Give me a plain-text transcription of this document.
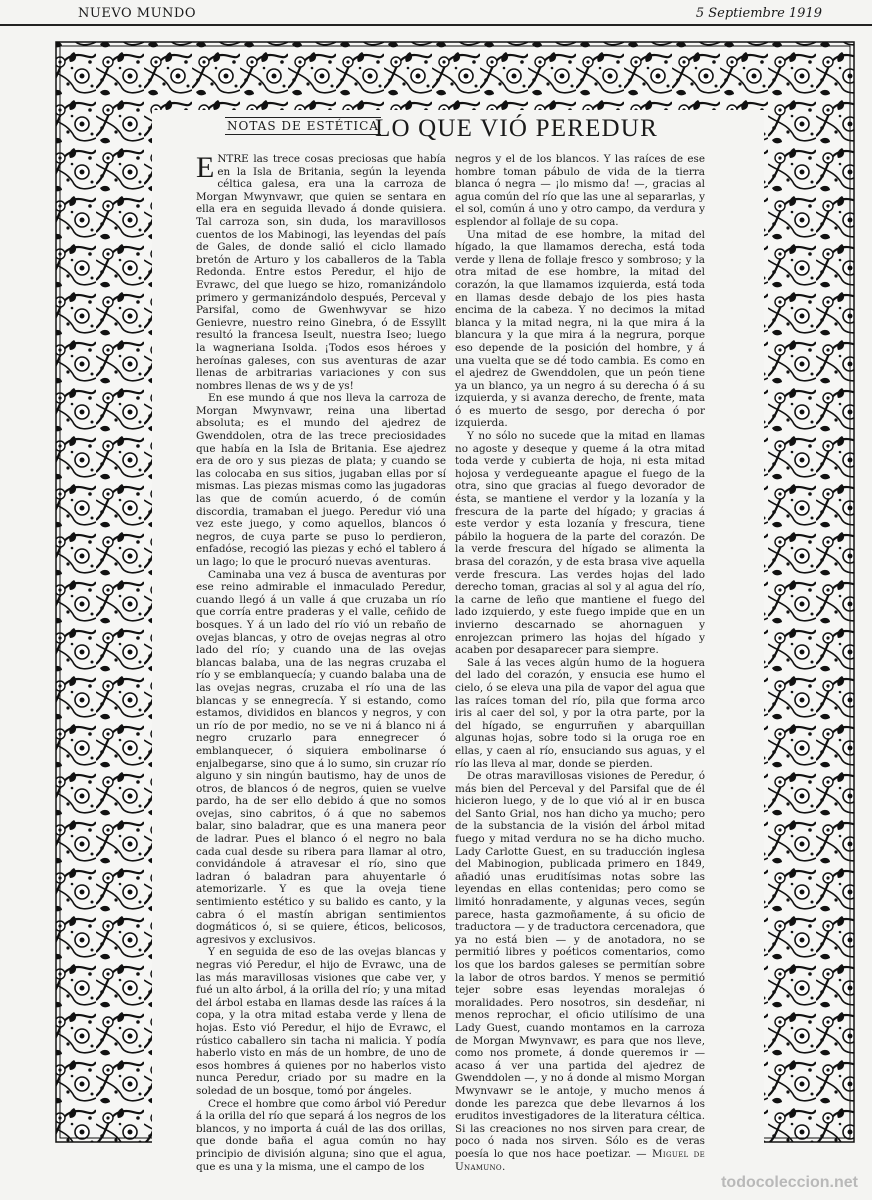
NUEVO MUNDO	5 Septiembre 1919
NOTAS DE ESTÉTICA
LO QUE VIÓ PEREDUR

ENTRE las trece cosas preciosas que había en la Isla de Britania, según la leyenda céltica galesa, era una la carroza de Morgan Mwynvawr, que quien se sentara en ella era en seguida llevado á donde quisiera. Tal carroza son, sin duda, los maravillosos cuentos de los Mabinogi, las leyendas del país de Gales, de donde salió el ciclo llamado bretón de Arturo y los caballeros de la Tabla Redonda. Entre estos Peredur, el hijo de Evrawc, del que luego se hizo, romanizándolo primero y germanizándolo después, Perceval y Parsifal, como de Gwenhwyvar se hizo Genievre, nuestro reino Ginebra, ó de Essyllt resultó la francesa Iseult, nuestra Iseo; luego la wagneriana Isolda. ¡Todos esos héroes y heroínas galeses, con sus aventuras de azar llenas de arbitrarias variaciones y con sus nombres llenas de ws y de ys!

En ese mundo á que nos lleva la carroza de Morgan Mwynvawr, reina una libertad absoluta; es el mundo del ajedrez de Gwenddolen, otra de las trece preciosidades que había en la Isla de Britania. Ese ajedrez era de oro y sus piezas de plata; y cuando se las colocaba en sus sitios, jugaban ellas por sí mismas. Las piezas mismas como las jugadoras las que de común acuerdo, ó de común discordia, tramaban el juego. Peredur vió una vez este juego, y como aquellos, blancos ó negros, de cuya parte se puso lo perdieron, enfadóse, recogió las piezas y echó el tablero á un lago; lo que le procuró nuevas aventuras.

Caminaba una vez á busca de aventuras por ese reino admirable el inmaculado Peredur, cuando llegó á un valle á que cruzaba un río que corría entre praderas y el valle, ceñido de bosques. Y á un lado del río vió un rebaño de ovejas blancas, y otro de ovejas negras al otro lado del río; y cuando una de las ovejas blancas balaba, una de las negras cruzaba el río y se emblanquecía; y cuando balaba una de las ovejas negras, cruzaba el río una de las blancas y se ennegrecía. Y si estando, como estamos, divididos en blancos y negros, y con un río de por medio, no se ve ni á blanco ni á negro cruzarlo para ennegrecer ó emblanquecer, ó siquiera embolinarse ó enjalbegarse, sino que á lo sumo, sin cruzar río alguno y sin ningún bautismo, hay de unos de otros, de blancos ó de negros, quien se vuelve pardo, ha de ser ello debido á que no somos ovejas, sino cabritos, ó á que no sabemos balar, sino baladrar, que es una manera peor de ladrar. Pues el blanco ó el negro no bala cada cual desde su ribera para llamar al otro, convidándole á atravesar el río, sino que ladran ó baladran para ahuyentarle ó atemorizarle. Y es que la oveja tiene sentimiento estético y su balido es canto, y la cabra ó el mastín abrigan sentimientos dogmáticos ó, si se quiere, éticos, belicosos, agresivos y exclusivos.

Y en seguida de eso de las ovejas blancas y negras vió Peredur, el hijo de Evrawc, una de las más maravillosas visiones que cabe ver, y fué un alto árbol, á la orilla del río; y una mitad del árbol estaba en llamas desde las raíces á la copa, y la otra mitad estaba verde y llena de hojas. Esto vió Peredur, el hijo de Evrawc, el rústico caballero sin tacha ni malicia. Y podía haberlo visto en más de un hombre, de uno de esos hombres á quienes por no haberlos visto nunca Peredur, criado por su madre en la soledad de un bosque, tomó por ángeles.

Crece el hombre que como árbol vió Peredur á la orilla del río que separá á los negros de los blancos, y no importa á cuál de las dos orillas, que donde baña el agua común no hay principio de división alguna; sino que el agua, que es una y la misma, une el campo de los

negros y el de los blancos. Y las raíces de ese hombre toman pábulo de vida de la tierra blanca ó negra — ¡lo mismo da! —, gracias al agua común del río que las une al separarlas, y el sol, común á uno y otro campo, da verdura y esplendor al follaje de su copa.

Una mitad de ese hombre, la mitad del hígado, la que llamamos derecha, está toda verde y llena de follaje fresco y sombroso; y la otra mitad de ese hombre, la mitad del corazón, la que llamamos izquierda, está toda en llamas desde debajo de los pies hasta encima de la cabeza. Y no decimos la mitad blanca y la mitad negra, ni la que mira á la blancura y la que mira á la negrura, porque eso depende de la posición del hombre, y á una vuelta que se dé todo cambia. Es como en el ajedrez de Gwenddolen, que un peón tiene ya un blanco, ya un negro á su derecha ó á su izquierda, y si avanza derecho, de frente, mata ó es muerto de sesgo, por derecha ó por izquierda.

Y no sólo no sucede que la mitad en llamas no agoste y deseque y queme á la otra mitad toda verde y cubierta de hoja, ni esta mitad hojosa y verdegueante apague el fuego de la otra, sino que gracias al fuego devorador de ésta, se mantiene el verdor y la lozanía y la frescura de la parte del hígado; y gracias á este verdor y esta lozanía y frescura, tiene pábilo la hoguera de la parte del corazón. De la verde frescura del hígado se alimenta la brasa del corazón, y de esta brasa vive aquella verde frescura. Las verdes hojas del lado derecho toman, gracias al sol y al agua del río, la carne de leño que mantiene el fuego del lado izquierdo, y este fuego impide que en un invierno descarnado se ahornaguen y enrojezcan primero las hojas del hígado y acaben por desaparecer para siempre.

Sale á las veces algún humo de la hoguera del lado del corazón, y ensucia ese humo el cielo, ó se eleva una pila de vapor del agua que las raíces toman del río, pila que forma arco iris al caer del sol, y por la otra parte, por la del hígado, se engurruñen y abarquillan algunas hojas, sobre todo si la oruga roe en ellas, y caen al río, ensuciando sus aguas, y el río las lleva al mar, donde se pierden.

De otras maravillosas visiones de Peredur, ó más bien del Perceval y del Parsifal que de él hicieron luego, y de lo que vió al ir en busca del Santo Grial, nos han dicho ya mucho; pero de la substancia de la visión del árbol mitad fuego y mitad verdura no se ha dicho mucho. Lady Carlotte Guest, en su traducción inglesa del Mabinogion, publicada primero en 1849, añadió unas eruditísimas notas sobre las leyendas en ellas contenidas; pero como se limitó honradamente, y algunas veces, según parece, hasta gazmoñamente, á su oficio de traductora — y de traductora cercenadora, que ya no está bien — y de anotadora, no se permitió libres y poéticos comentarios, como los que los bardos galeses se permitían sobre la labor de otros bardos. Y menos se permitió tejer sobre esas leyendas moralejas ó moralidades. Pero nosotros, sin desdeñar, ni menos reprochar, el oficio utilísimo de una Lady Guest, cuando montamos en la carroza de Morgan Mwynvawr, es para que nos lleve, como nos promete, á donde queremos ir — acaso á ver una partida del ajedrez de Gwenddolen —, y no á donde al mismo Morgan Mwynvawr se le antoje, y mucho menos á donde les parezca que debe llevarnos á los eruditos investigadores de la literatura céltica. Si las creaciones no nos sirven para crear, de poco ó nada nos sirven. Sólo es de veras poesía lo que nos hace poetizar. — Miguel de Unamuno.

todocoleccion.net
